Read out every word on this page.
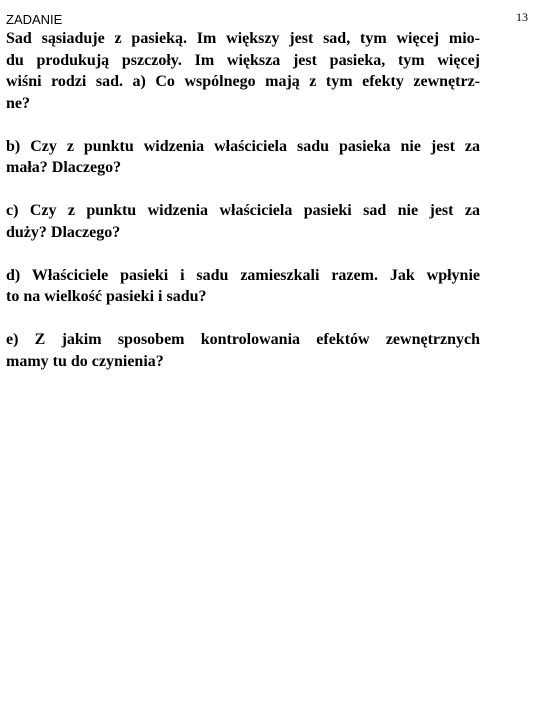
13
ZADANIE
Sad sąsiaduje z pasieką. Im większy jest sad, tym więcej mio-
du produkują pszczoły. Im większa jest pasieka, tym więcej
wiśni rodzi sad. a) Co wspólnego mają z tym efekty zewnętrz-
ne?
b) Czy z punktu widzenia właściciela sadu pasieka nie jest za
mała? Dlaczego?
c) Czy z punktu widzenia właściciela pasieki sad nie jest za
duży? Dlaczego?
d) Właściciele pasieki i sadu zamieszkali razem. Jak wpłynie
to na wielkość pasieki i sadu?
e) Z jakim sposobem kontrolowania efektów zewnętrznych
mamy tu do czynienia?
